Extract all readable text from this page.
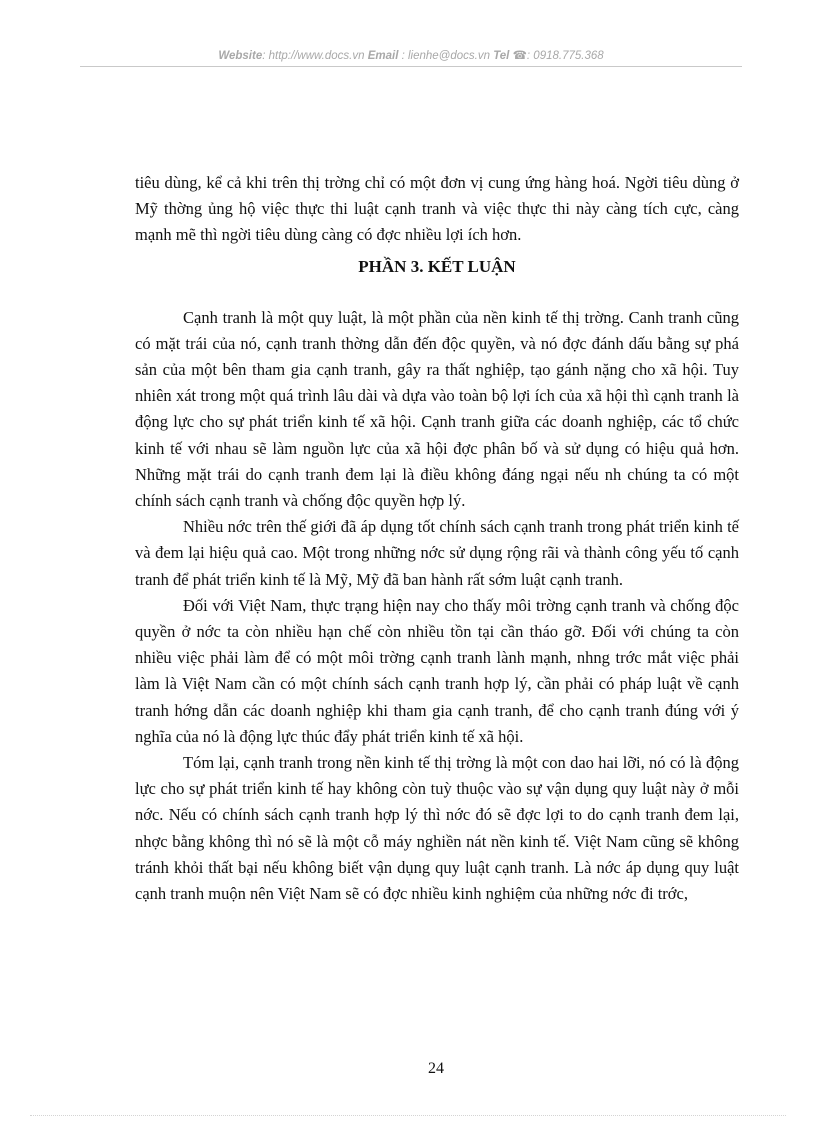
Website: http://www.docs.vn Email : lienhe@docs.vn Tel ☎: 0918.775.368

tiêu dùng, kể cả khi trên thị trờng chỉ có một đơn vị cung ứng hàng hoá. Ngời tiêu dùng ở Mỹ thờng ủng hộ việc thực thi luật cạnh tranh và việc thực thi này càng tích cực, càng mạnh mẽ thì ngời tiêu dùng càng có đợc nhiều lợi ích hơn.

PHẦN 3. KẾT LUẬN

Cạnh tranh là một quy luật, là một phần của nền kinh tế thị trờng. Canh tranh cũng có mặt trái của nó, cạnh tranh thờng dẫn đến độc quyền, và nó đợc đánh dấu bằng sự phá sản của một bên tham gia cạnh tranh, gây ra thất nghiệp, tạo gánh nặng cho xã hội. Tuy nhiên xát trong một quá trình lâu dài và dựa vào toàn bộ lợi ích của xã hội thì cạnh tranh là động lực cho sự phát triển kinh tế xã hội. Cạnh tranh giữa các doanh nghiệp, các tổ chức kinh tế với nhau sẽ làm nguồn lực của xã hội đợc phân bố và sử dụng có hiệu quả hơn. Những mặt trái do cạnh tranh đem lại là điều không đáng ngại nếu nh chúng ta có một chính sách cạnh tranh và chống độc quyền hợp lý.

Nhiều nớc trên thế giới đã áp dụng tốt chính sách cạnh tranh trong phát triển kinh tế và đem lại hiệu quả cao. Một trong những nớc sử dụng rộng rãi và thành công yếu tố cạnh tranh để phát triển kinh tế là Mỹ, Mỹ đã ban hành rất sớm luật cạnh tranh.

Đối với Việt Nam, thực trạng hiện nay cho thấy môi trờng cạnh tranh và chống độc quyền ở nớc ta còn nhiều hạn chế còn nhiều tồn tại cần tháo gỡ. Đối với chúng ta còn nhiều việc phải làm để có một môi trờng cạnh tranh lành mạnh, nhng trớc mắt việc phải làm là Việt Nam cần có một chính sách cạnh tranh hợp lý, cần phải có pháp luật về cạnh tranh hớng dẫn các doanh nghiệp khi tham gia cạnh tranh, để cho cạnh tranh đúng với ý nghĩa của nó là động lực thúc đẩy phát triển kinh tế xã hội.

Tóm lại, cạnh tranh trong nền kinh tế thị trờng là một con dao hai lỡi, nó có là động lực cho sự phát triển kinh tế hay không còn tuỳ thuộc vào sự vận dụng quy luật này ở mỗi nớc. Nếu có chính sách cạnh tranh hợp lý thì nớc đó sẽ đợc lợi to do cạnh tranh đem lại, nhợc bằng không thì nó sẽ là một cỗ máy nghiền nát nền kinh tế. Việt Nam cũng sẽ không tránh khỏi thất bại nếu không biết vận dụng quy luật cạnh tranh. Là nớc áp dụng quy luật cạnh tranh muộn nên Việt Nam sẽ có đợc nhiều kinh nghiệm của những nớc đi trớc,

24
